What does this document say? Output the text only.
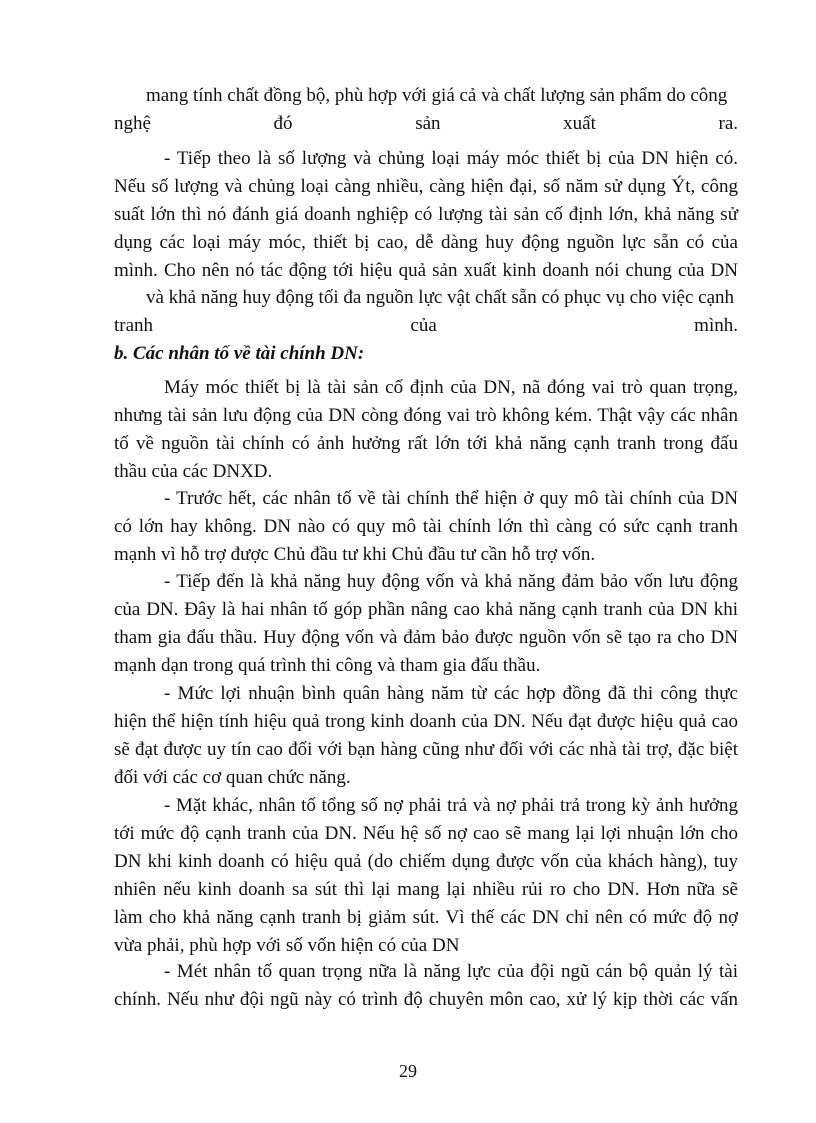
mang tính chất đồng bộ, phù hợp với giá cả và chất lượng sản phẩm do công
nghệ đó sản xuất ra.
- Tiếp theo là số lượng và chủng loại máy móc thiết bị của DN hiện có.
Nếu số lượng và chủng loại càng nhiều, càng hiện đại, số năm sử dụng Ýt, công
suất lớn thì nó đánh giá doanh nghiệp có lượng tài sản cố định lớn, khả năng sử
dụng các loại máy móc, thiết bị cao, dễ dàng huy động nguồn lực sẵn có của
mình. Cho nên nó tác động tới hiệu quả sản xuất kinh doanh nói chung của DN
và khả năng huy động tối đa nguồn lực vật chất sẵn có phục vụ cho việc cạnh
tranh của mình.
b. Các nhân tố về tài chính DN:
Máy móc thiết bị là tài sản cố định của DN, nã đóng vai trò quan trọng,
nhưng tài sản lưu động của DN còng đóng vai trò không kém. Thật vậy các nhân
tố về nguồn tài chính có ảnh hưởng rất lớn tới khả năng cạnh tranh trong đấu
thầu của các DNXD.
- Trước hết, các nhân tố về tài chính thể hiện ở quy mô tài chính của DN
có lớn hay không. DN nào có quy mô tài chính lớn thì càng có sức cạnh tranh
mạnh vì hỗ trợ được Chủ đầu tư khi Chủ đầu tư cần hỗ trợ vốn.
- Tiếp đến là khả năng huy động vốn và khả năng đảm bảo vốn lưu động
của DN. Đây là hai nhân tố góp phần nâng cao khả năng cạnh tranh của DN khi
tham gia đấu thầu. Huy động vốn và đảm bảo được nguồn vốn sẽ tạo ra cho DN
mạnh dạn trong quá trình thi công và tham gia đấu thầu.
- Mức lợi nhuận bình quân hàng năm từ các hợp đồng đã thi công thực
hiện thể hiện tính hiệu quả trong kinh doanh của DN. Nếu đạt được hiệu quả cao
sẽ đạt được uy tín cao đối với bạn hàng cũng như đối với các nhà tài trợ, đặc biệt
đối với các cơ quan chức năng.
- Mặt khác, nhân tố tổng số nợ phải trả và nợ phải trả trong kỳ ảnh hưởng
tới mức độ cạnh tranh của DN. Nếu hệ số nợ cao sẽ mang lại lợi nhuận lớn cho
DN khi kinh doanh có hiệu quả (do chiếm dụng được vốn của khách hàng), tuy
nhiên nếu kinh doanh sa sút thì lại mang lại nhiều rủi ro cho DN. Hơn nữa sẽ
làm cho khả năng cạnh tranh bị giảm sút. Vì thế các DN chỉ nên có mức độ nợ
vừa phải, phù hợp với số vốn hiện có của DN
- Mét nhân tố quan trọng nữa là năng lực của đội ngũ cán bộ quản lý tài
chính. Nếu như đội ngũ này có trình độ chuyên môn cao, xử lý kịp thời các vấn
29
